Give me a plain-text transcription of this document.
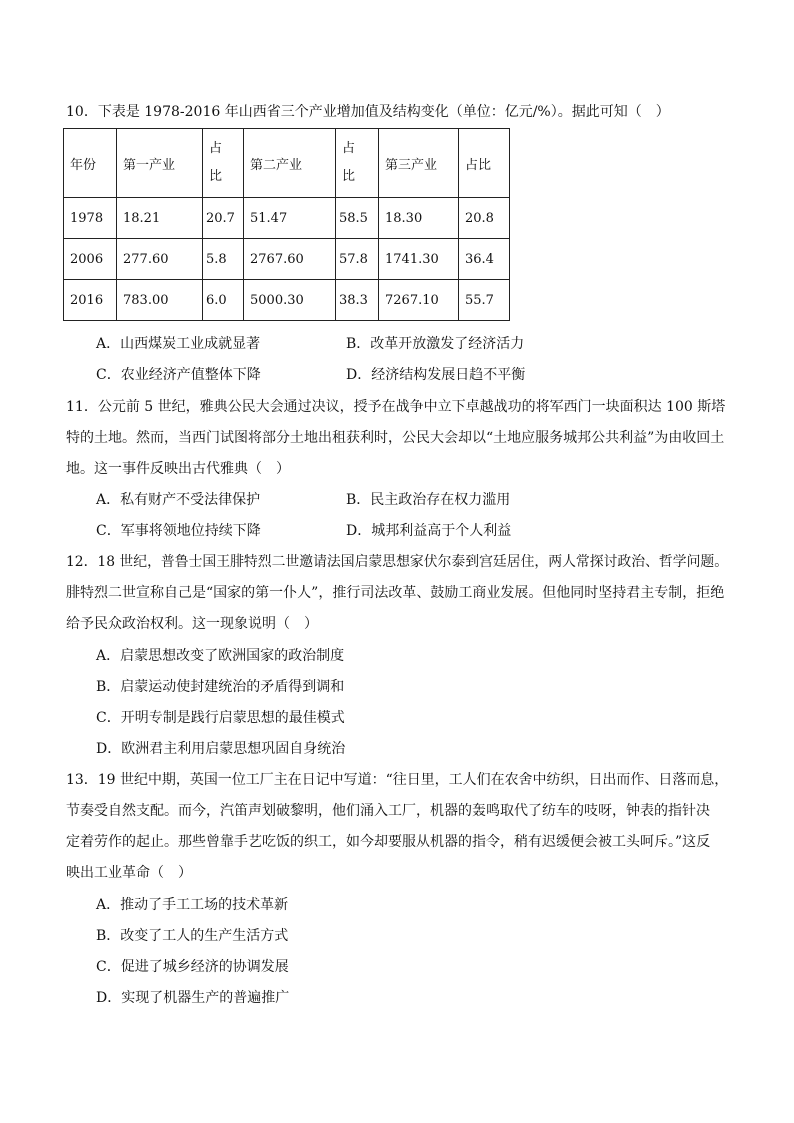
10．下表是 1978-2016 年山西省三个产业增加值及结构变化（单位：亿元/%）。据此可知（　）
年份	第一产业	占比	第二产业	占比	第三产业	占比
1978	18.21	20.7	51.47	58.5	18.30	20.8
2006	277.60	5.8	2767.60	57.8	1741.30	36.4
2016	783.00	6.0	5000.30	38.3	7267.10	55.7
A．山西煤炭工业成就显著	B．改革开放激发了经济活力
C．农业经济产值整体下降	D．经济结构发展日趋不平衡
11．公元前 5 世纪，雅典公民大会通过决议，授予在战争中立下卓越战功的将军西门一块面积达 100 斯塔
特的土地。然而，当西门试图将部分土地出租获利时，公民大会却以“土地应服务城邦公共利益”为由收回土
地。这一事件反映出古代雅典（　）
A．私有财产不受法律保护	B．民主政治存在权力滥用
C．军事将领地位持续下降	D．城邦利益高于个人利益
12．18 世纪，普鲁士国王腓特烈二世邀请法国启蒙思想家伏尔泰到宫廷居住，两人常探讨政治、哲学问题。
腓特烈二世宣称自己是“国家的第一仆人”，推行司法改革、鼓励工商业发展。但他同时坚持君主专制，拒绝
给予民众政治权利。这一现象说明（　）
A．启蒙思想改变了欧洲国家的政治制度
B．启蒙运动使封建统治的矛盾得到调和
C．开明专制是践行启蒙思想的最佳模式
D．欧洲君主利用启蒙思想巩固自身统治
13．19 世纪中期，英国一位工厂主在日记中写道：“往日里，工人们在农舍中纺织，日出而作、日落而息，
节奏受自然支配。而今，汽笛声划破黎明，他们涌入工厂，机器的轰鸣取代了纺车的吱呀，钟表的指针决
定着劳作的起止。那些曾靠手艺吃饭的织工，如今却要服从机器的指令，稍有迟缓便会被工头呵斥。”这反
映出工业革命（　）
A．推动了手工工场的技术革新
B．改变了工人的生产生活方式
C．促进了城乡经济的协调发展
D．实现了机器生产的普遍推广
